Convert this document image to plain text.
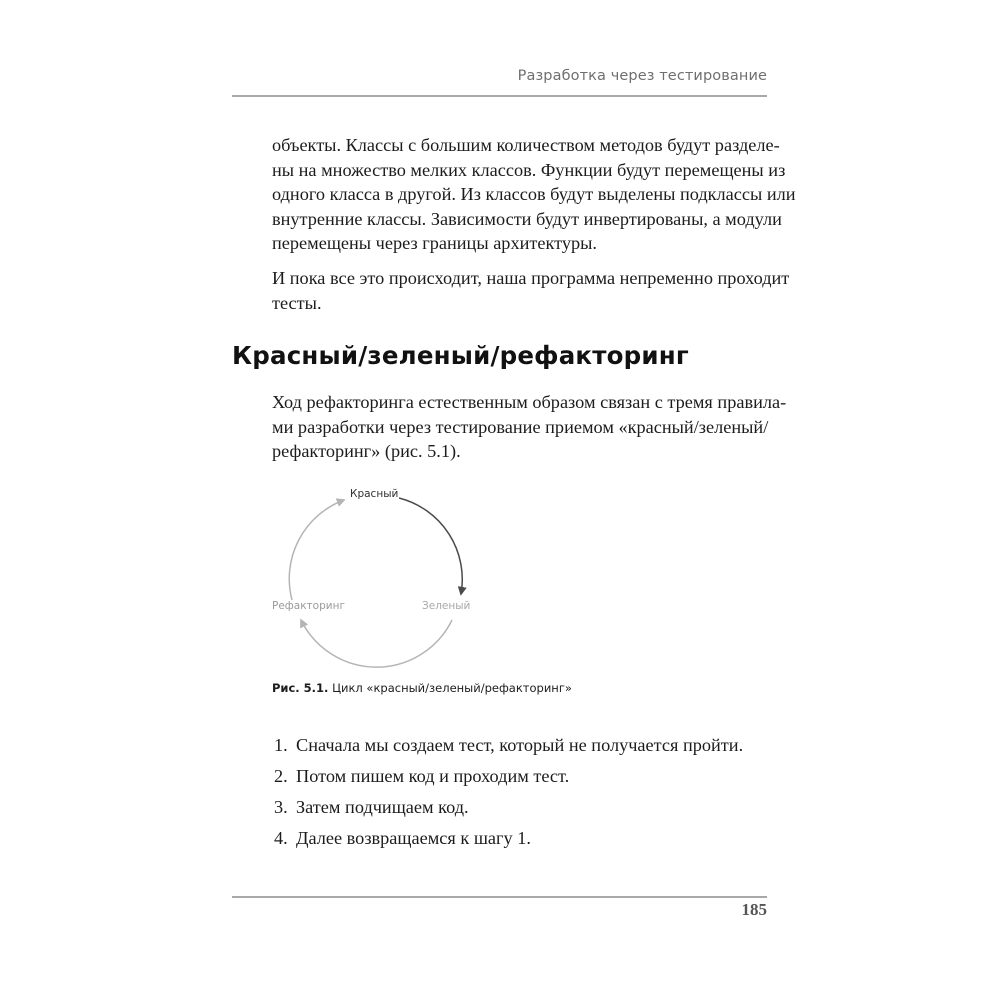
Разработка через тестирование
объекты. Классы с большим количеством методов будут разделе-
ны на множество мелких классов. Функции будут перемещены из
одного класса в другой. Из классов будут выделены подклассы или
внутренние классы. Зависимости будут инвертированы, а модули
перемещены через границы архитектуры.
И пока все это происходит, наша программа непременно проходит
тесты.
Красный/зеленый/рефакторинг
Ход рефакторинга естественным образом связан с тремя правила-
ми разработки через тестирование приемом «красный/зеленый/
рефакторинг» (рис. 5.1).
Красный
Рефакторинг	Зеленый
Рис. 5.1. Цикл «красный/зеленый/рефакторинг»
1. Сначала мы создаем тест, который не получается пройти.
2. Потом пишем код и проходим тест.
3. Затем подчищаем код.
4. Далее возвращаемся к шагу 1.
185
